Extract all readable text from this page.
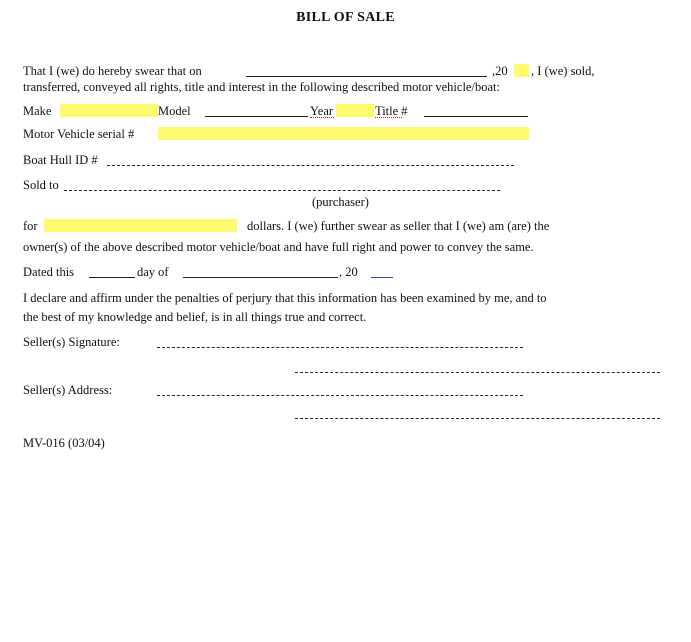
BILL OF SALE
That I (we) do hereby swear that on	,20 , I (we) sold,
transferred, conveyed all rights, title and interest in the following described motor vehicle/boat:
Make	Model	Year	Title #
Motor Vehicle serial #
Boat Hull ID #
Sold to
(purchaser)
for	dollars. I (we) further swear as seller that I (we) am (are) the
owner(s) of the above described motor vehicle/boat and have full right and power to convey the same.
Dated this	day of	, 20
I declare and affirm under the penalties of perjury that this information has been examined by me, and to
the best of my knowledge and belief, is in all things true and correct.
Seller(s) Signature:
Seller(s) Address:
MV-016 (03/04)
